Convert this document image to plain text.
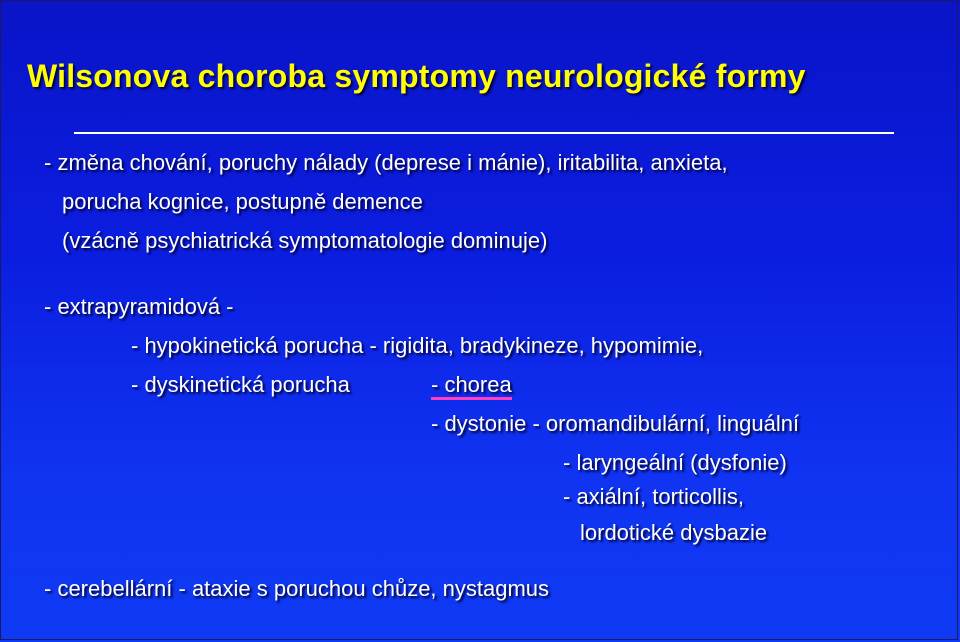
Wilsonova choroba symptomy neurologické formy

- změna chování, poruchy nálady (deprese i mánie), iritabilita, anxieta,

porucha kognice, postupně demence

(vzácně psychiatrická symptomatologie dominuje)

- extrapyramidová -

- hypokinetická porucha - rigidita, bradykineze, hypomimie,

- dyskinetická porucha	- chorea

- dystonie - oromandibulární, linguální

- laryngeální (dysfonie)

- axiální, torticollis,

lordotické dysbazie

- cerebellární - ataxie s poruchou chůze, nystagmus
